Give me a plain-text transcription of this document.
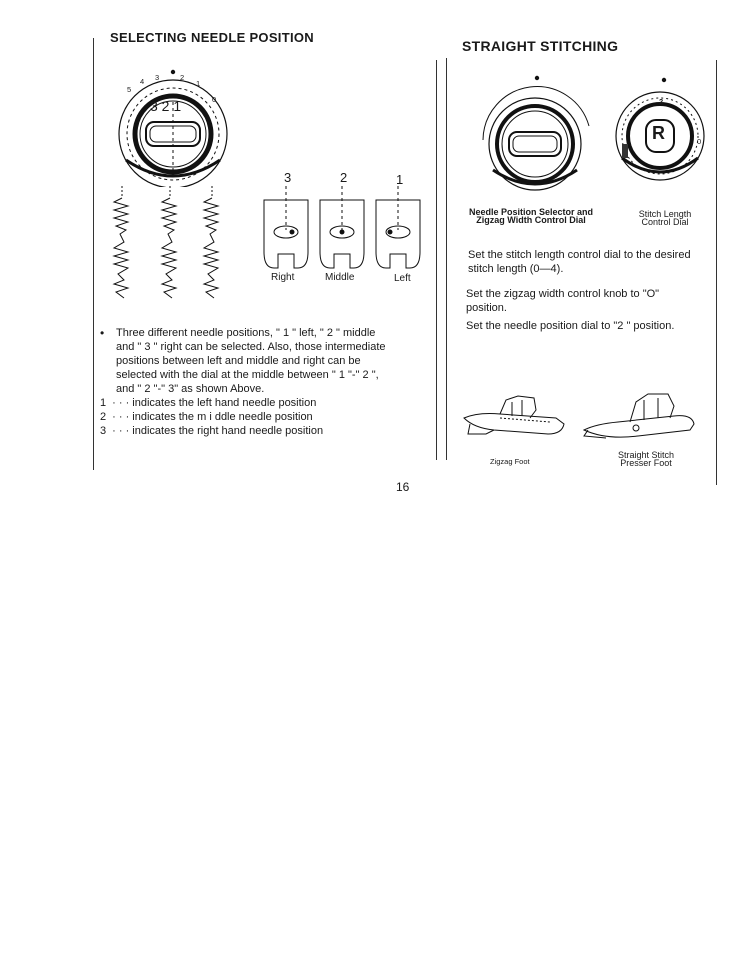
SELECTING NEEDLE POSITION
5
4 3	2
1
0
3 2 1
3	2	1
Right	Middle	Left
• Three different needle positions, " 1 " left, " 2 " middle
and " 3 " right can be selected. Also, those intermediate
positions between left and middle and right can be
selected with the dial at the middle between " 1 "-" 2 ",
and " 2 "-" 3" as shown Above.
1 · · · indicates the left hand needle position
2 · · · indicates the m i ddle needle position
3 · · · indicates the right hand needle position
STRAIGHT STITCHING
R
2
0
Needle Position Selector and
Zigzag Width Control Dial
Stitch Length
Control Dial
Set the stitch length control dial to the desired
stitch length (0—4).
Set the zigzag width control knob to "O"
position.
Set the needle position dial to "2 " position.
Zigzag Foot
Straight Stitch
Presser Foot
16
